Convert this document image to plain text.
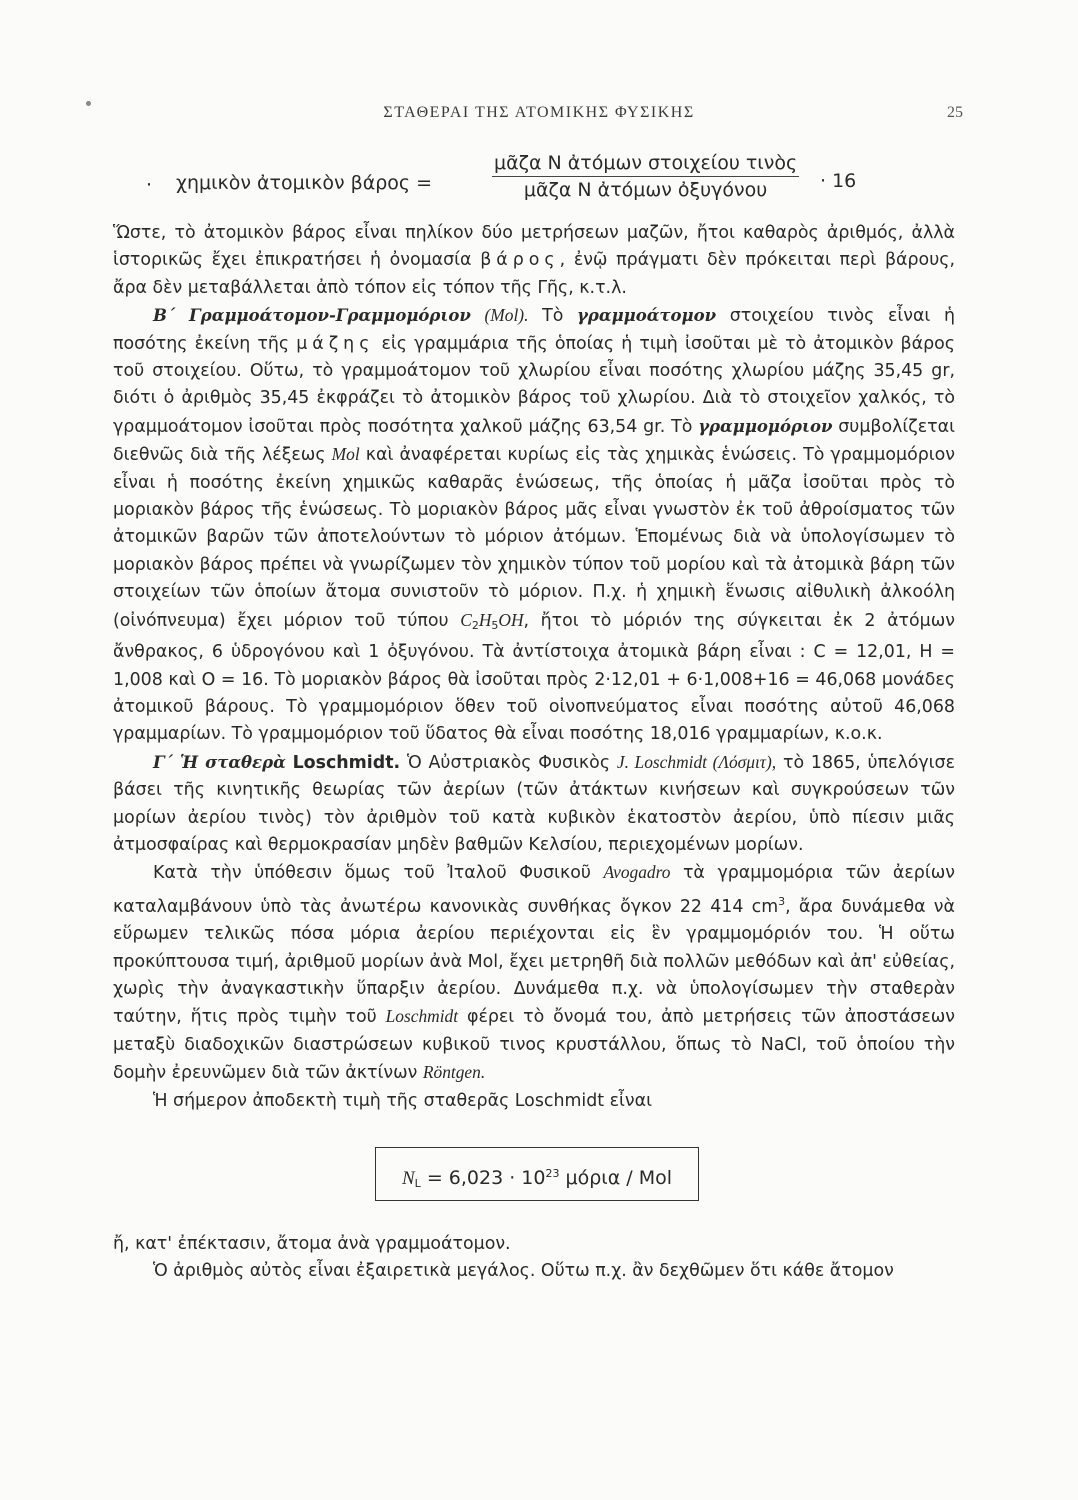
ΣΤΑΘΕΡΑΙ ΤΗΣ ΑΤΟΜΙΚΗΣ ΦΥΣΙΚΗΣ	25
· χημικὸν ἀτομικὸν βάρος =
μᾶζα N ἀτόμων στοιχείου τινὸς
μᾶζα N ἀτόμων ὀξυγόνου	· 16

Ὥστε, τὸ ἀτομικὸν βάρος εἶναι πηλίκον δύο μετρήσεων μαζῶν, ἤτοι καθαρὸς ἀριθμός, ἀλλὰ ἱστορικῶς ἔχει ἐπικρατήσει ἡ ὀνομασία βάρος, ἐνῷ πράγματι δὲν πρόκειται περὶ βάρους, ἄρα δὲν μεταβάλλεται ἀπὸ τόπον εἰς τόπον τῆς Γῆς, κ.τ.λ.

Β΄ Γραμμοάτομον-Γραμμομόριον (Mol). Τὸ γραμμοάτομον στοιχείου τινὸς εἶναι ἡ ποσότης ἐκείνη τῆς μάζης εἰς γραμμάρια τῆς ὁποίας ἡ τιμὴ ἰσοῦται μὲ τὸ ἀτομικὸν βάρος τοῦ στοιχείου. Οὕτω, τὸ γραμμοάτομον τοῦ χλωρίου εἶναι ποσότης χλωρίου μάζης 35,45 gr, διότι ὁ ἀριθμὸς 35,45 ἐκφράζει τὸ ἀτομικὸν βάρος τοῦ χλωρίου. Διὰ τὸ στοιχεῖον χαλκός, τὸ γραμμοάτομον ἰσοῦται πρὸς ποσότητα χαλκοῦ μάζης 63,54 gr. Τὸ γραμμομόριον συμβολίζεται διεθνῶς διὰ τῆς λέξεως Mol καὶ ἀναφέρεται κυρίως εἰς τὰς χημικὰς ἑνώσεις. Τὸ γραμμομόριον εἶναι ἡ ποσότης ἐκείνη χημικῶς καθαρᾶς ἑνώσεως, τῆς ὁποίας ἡ μᾶζα ἰσοῦται πρὸς τὸ μοριακὸν βάρος τῆς ἑνώσεως. Τὸ μοριακὸν βάρος μᾶς εἶναι γνωστὸν ἐκ τοῦ ἀθροίσματος τῶν ἀτομικῶν βαρῶν τῶν ἀποτελούντων τὸ μόριον ἀτόμων. Ἑπομένως διὰ νὰ ὑπολογίσωμεν τὸ μοριακὸν βάρος πρέπει νὰ γνωρίζωμεν τὸν χημικὸν τύπον τοῦ μορίου καὶ τὰ ἀτομικὰ βάρη τῶν στοιχείων τῶν ὁποίων ἄτομα συνιστοῦν τὸ μόριον. Π.χ. ἡ χημικὴ ἕνωσις αἰθυλικὴ ἀλκοόλη (οἰνόπνευμα) ἔχει μόριον τοῦ τύπου $C_2H_5OH$, ἤτοι τὸ μόριόν της σύγκειται ἐκ 2 ἀτόμων ἄνθρακος, 6 ὑδρογόνου καὶ 1 ὀξυγόνου. Τὰ ἀντίστοιχα ἀτομικὰ βάρη εἶναι : C = 12,01, H = 1,008 καὶ O = 16. Τὸ μοριακὸν βάρος θὰ ἰσοῦται πρὸς 2·12,01 + 6·1,008+16 = 46,068 μονάδες ἀτομικοῦ βάρους. Τὸ γραμμομόριον ὅθεν τοῦ οἰνοπνεύματος εἶναι ποσότης αὐτοῦ 46,068 γραμμαρίων. Τὸ γραμμομόριον τοῦ ὕδατος θὰ εἶναι ποσότης 18,016 γραμμαρίων, κ.ο.κ.

Γ΄ Ἡ σταθερὰ Loschmidt. Ὁ Αὐστριακὸς Φυσικὸς J. Loschmidt (Λόσμιτ), τὸ 1865, ὑπελόγισε βάσει τῆς κινητικῆς θεωρίας τῶν ἀερίων (τῶν ἀτάκτων κινήσεων καὶ συγκρούσεων τῶν μορίων ἀερίου τινὸς) τὸν ἀριθμὸν τοῦ κατὰ κυβικὸν ἑκατοστὸν ἀερίου, ὑπὸ πίεσιν μιᾶς ἀτμοσφαίρας καὶ θερμοκρασίαν μηδὲν βαθμῶν Κελσίου, περιεχομένων μορίων.

Κατὰ τὴν ὑπόθεσιν ὅμως τοῦ Ἰταλοῦ Φυσικοῦ Avogadro τὰ γραμμομόρια τῶν ἀερίων καταλαμβάνουν ὑπὸ τὰς ἀνωτέρω κανονικὰς συνθήκας ὄγκον 22 414 $cm^3$, ἄρα δυνάμεθα νὰ εὕρωμεν τελικῶς πόσα μόρια ἀερίου περιέχονται εἰς ἓν γραμμομόριόν του. Ἡ οὕτω προκύπτουσα τιμή, ἀριθμοῦ μορίων ἀνὰ Mol, ἔχει μετρηθῆ διὰ πολλῶν μεθόδων καὶ ἀπ' εὐθείας, χωρὶς τὴν ἀναγκαστικὴν ὕπαρξιν ἀερίου. Δυνάμεθα π.χ. νὰ ὑπολογίσωμεν τὴν σταθερὰν ταύτην, ἥτις πρὸς τιμὴν τοῦ Loschmidt φέρει τὸ ὄνομά του, ἀπὸ μετρήσεις τῶν ἀποστάσεων μεταξὺ διαδοχικῶν διαστρώσεων κυβικοῦ τινος κρυστάλλου, ὅπως τὸ NaCl, τοῦ ὁποίου τὴν δομὴν ἐρευνῶμεν διὰ τῶν ἀκτίνων Röntgen.

Ἡ σήμερον ἀποδεκτὴ τιμὴ τῆς σταθερᾶς Loschmidt εἶναι

$N_L = 6,023 \cdot 10^{23}$ μόρια / Mol

ἤ, κατ' ἐπέκτασιν, ἄτομα ἀνὰ γραμμοάτομον.

Ὁ ἀριθμὸς αὐτὸς εἶναι ἐξαιρετικὰ μεγάλος. Οὕτω π.χ. ἂν δεχθῶμεν ὅτι κάθε ἄτομον
